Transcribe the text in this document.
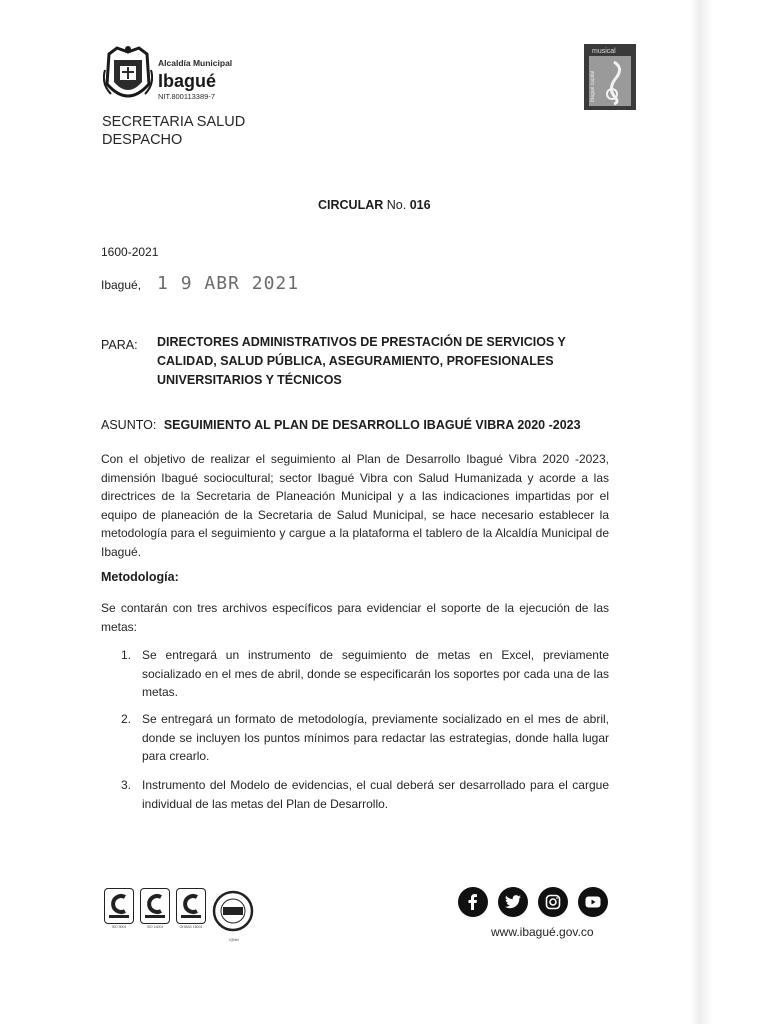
Alcaldía Municipal
Ibagué
NIT.800113389-7
SECRETARIA SALUD
DESPACHO
musical
Ibagué capital
CIRCULAR No. 016
1600-2021
Ibagué, 1 9 ABR 2021
PARA: DIRECTORES ADMINISTRATIVOS DE PRESTACIÓN DE SERVICIOS Y CALIDAD, SALUD PÚBLICA, ASEGURAMIENTO, PROFESIONALES UNIVERSITARIOS Y TÉCNICOS
ASUNTO: SEGUIMIENTO AL PLAN DE DESARROLLO IBAGUÉ VIBRA 2020 -2023
Con el objetivo de realizar el seguimiento al Plan de Desarrollo Ibagué Vibra 2020 -2023, dimensión Ibagué sociocultural; sector Ibagué Vibra con Salud Humanizada y acorde a las directrices de la Secretaria de Planeación Municipal y a las indicaciones impartidas por el equipo de planeación de la Secretaria de Salud Municipal, se hace necesario establecer la metodología para el seguimiento y cargue a la plataforma el tablero de la Alcaldía Municipal de Ibagué.
Metodología:
Se contarán con tres archivos específicos para evidenciar el soporte de la ejecución de las metas:
1. Se entregará un instrumento de seguimiento de metas en Excel, previamente socializado en el mes de abril, donde se especificarán los soportes por cada una de las metas.
2. Se entregará un formato de metodología, previamente socializado en el mes de abril, donde se incluyen los puntos mínimos para redactar las estrategias, donde halla lugar para crearlo.
3. Instrumento del Modelo de evidencias, el cual deberá ser desarrollado para el cargue individual de las metas del Plan de Desarrollo.
ISO 9001	ISO 14001	OHSAS 18001
IQNet
www.ibagué.gov.co
